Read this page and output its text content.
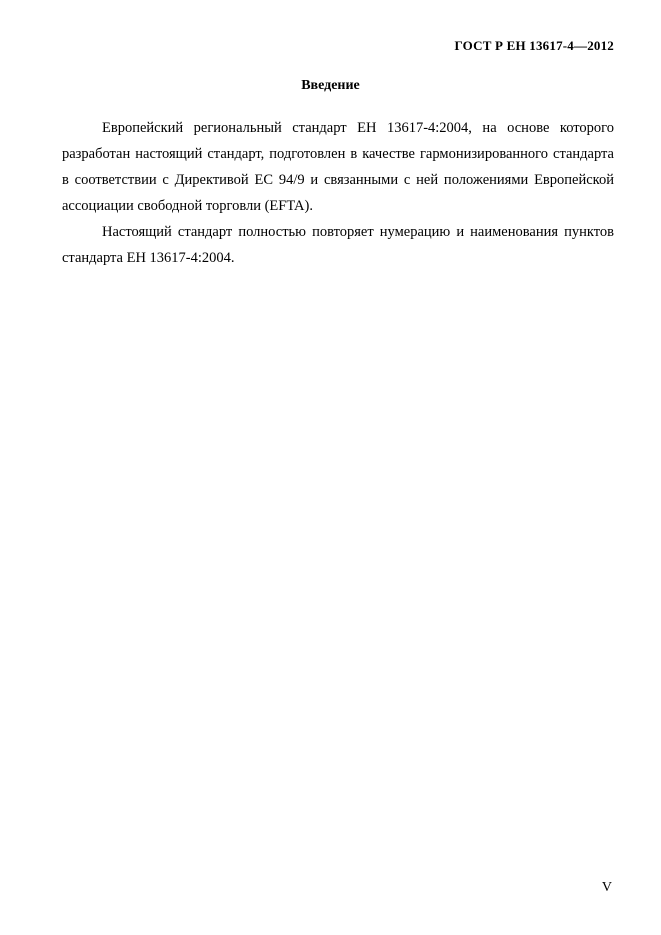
ГОСТ Р ЕН 13617-4—2012
Введение

Европейский региональный стандарт ЕН 13617-4:2004, на основе которого разработан настоящий стандарт, подготовлен в качестве гармонизированного стандарта в соответствии с Директивой ЕС 94/9 и связанными с ней положениями Европейской ассоциации свободной торговли (EFTA).

Настоящий стандарт полностью повторяет нумерацию и наименования пунктов стандарта ЕН 13617-4:2004.

V
